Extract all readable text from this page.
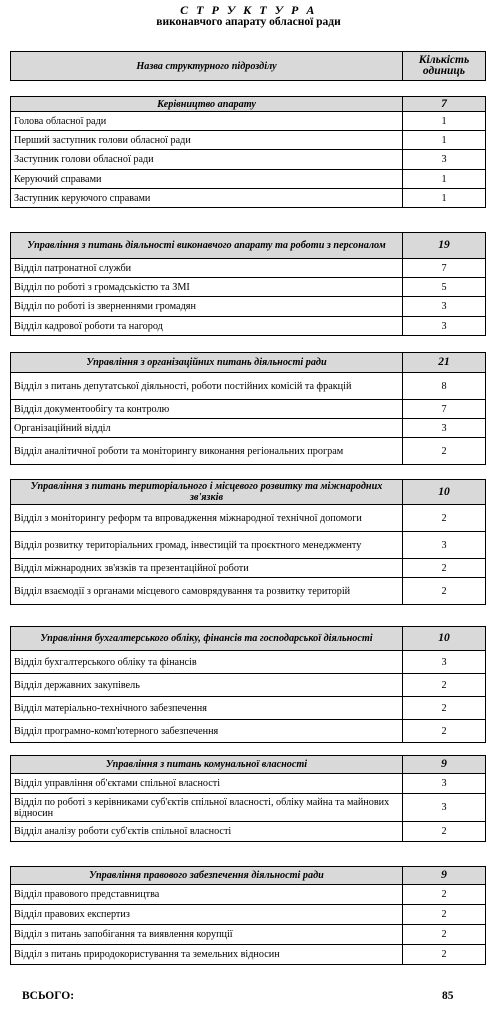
С Т Р У К Т У Р А
виконавчого апарату обласної ради
Назва структурного підрозділу	Кількість одиниць
Керівництво апарату	7
Голова обласної ради	1
Перший заступник голови обласної ради	1
Заступник голови обласної ради	3
Керуючий справами	1
Заступник керуючого справами	1
Управління з питань діяльності виконавчого апарату та роботи з персоналом	19
Відділ патронатної служби	7
Відділ по роботі з громадськістю та ЗМІ	5
Відділ по роботі із зверненнями громадян	3
Відділ кадрової роботи та нагород	3
Управління з організаційних питань діяльності ради	21
Відділ з питань депутатської діяльності, роботи постійних комісій та фракцій	8
Відділ документообігу та контролю	7
Організаційний відділ	3
Відділ аналітичної роботи та моніторингу виконання регіональних програм	2
Управління з питань територіального і місцевого розвитку та міжнародних зв'язків	10
Відділ з моніторингу реформ та впровадження міжнародної технічної допомоги	2
Відділ розвитку територіальних громад, інвестицій та проєктного менеджменту	3
Відділ міжнародних зв'язків та презентаційної роботи	2
Відділ взаємодії з органами місцевого самоврядування та розвитку територій	2
Управління бухгалтерського обліку, фінансів та господарської діяльності	10
Відділ бухгалтерського обліку та фінансів	3
Відділ державних закупівель	2
Відділ матеріально-технічного забезпечення	2
Відділ програмно-комп'ютерного забезпечення	2
Управління з питань комунальної власності	9
Відділ управління об'єктами спільної власності	3
Відділ по роботі з керівниками суб'єктів спільної власності, обліку майна та майнових відносин	3
Відділ аналізу роботи суб'єктів спільної власності	2
Управління правового забезпечення діяльності ради	9
Відділ правового представництва	2
Відділ правових експертиз	2
Відділ з питань запобігання та виявлення корупції	2
Відділ з питань природокористування та земельних відносин	2
ВСЬОГО:	85
